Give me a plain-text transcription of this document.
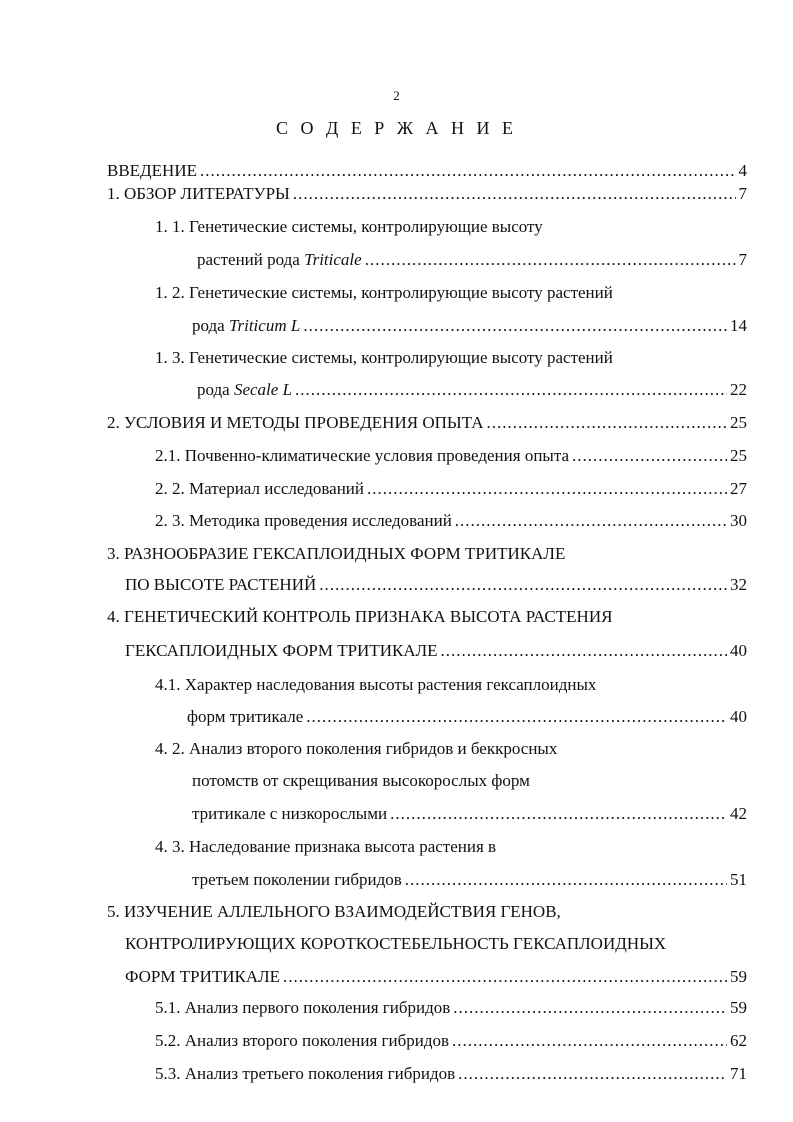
2
С О Д Е Р Ж А Н И Е
ВВЕДЕНИЕ .....	4
1. ОБЗОР ЛИТЕРАТУРЫ .....	7
1. 1. Генетические системы, контролирующие высоту
растений рода Triticale .....	7
1. 2. Генетические системы, контролирующие высоту растений
рода Triticum L .....	14
1. 3. Генетические системы, контролирующие высоту растений
рода Secale L .....	22
2. УСЛОВИЯ И МЕТОДЫ ПРОВЕДЕНИЯ ОПЫТА .....	25
2.1. Почвенно-климатические условия проведения опыта .....	25
2. 2. Материал исследований .....	27
2. 3. Методика проведения исследований .....	30
3. РАЗНООБРАЗИЕ ГЕКСАПЛОИДНЫХ ФОРМ ТРИТИКАЛЕ
ПО ВЫСОТЕ РАСТЕНИЙ .....	32
4. ГЕНЕТИЧЕСКИЙ КОНТРОЛЬ ПРИЗНАКА ВЫСОТА РАСТЕНИЯ
ГЕКСАПЛОИДНЫХ ФОРМ ТРИТИКАЛЕ .....	40
4.1. Характер наследования высоты растения гексаплоидных
форм тритикале .....	40
4. 2. Анализ второго поколения гибридов и беккросных
потомств от скрещивания высокорослых форм
тритикале с низкорослыми .....	42
4. 3. Наследование признака высота растения в
третьем поколении гибридов .....	51
5. ИЗУЧЕНИЕ АЛЛЕЛЬНОГО ВЗАИМОДЕЙСТВИЯ ГЕНОВ,
КОНТРОЛИРУЮЩИХ КОРОТКОСТЕБЕЛЬНОСТЬ ГЕКСАПЛОИДНЫХ
ФОРМ ТРИТИКАЛЕ .....	59
5.1. Анализ первого поколения гибридов .....	59
5.2. Анализ второго поколения гибридов .....	62
5.3. Анализ третьего поколения гибридов .....	71
